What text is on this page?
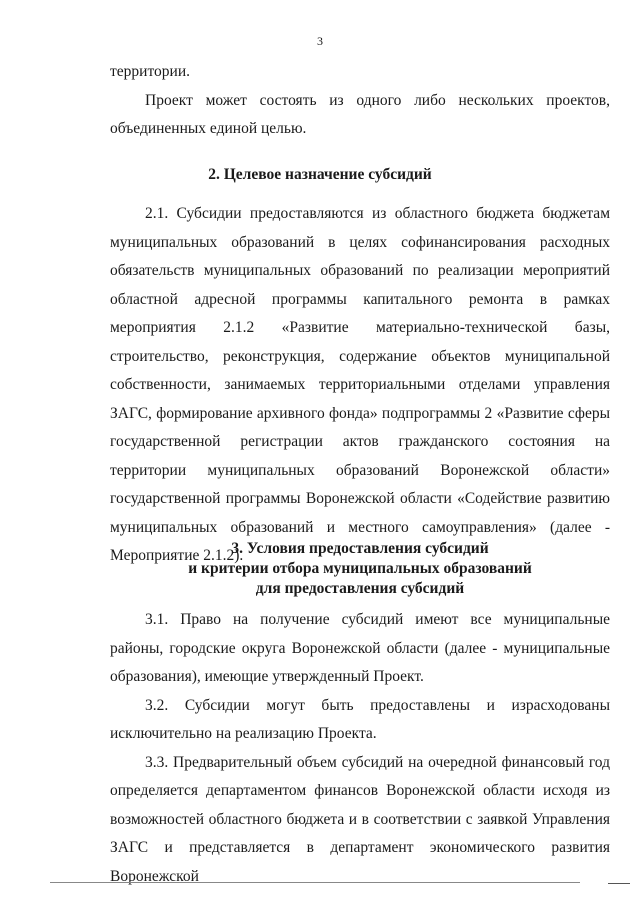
3

территории.

Проект может состоять из одного либо нескольких проектов, объединенных единой целью.

2. Целевое назначение субсидий

2.1. Субсидии предоставляются из областного бюджета бюджетам муниципальных образований в целях софинансирования расходных обязательств муниципальных образований по реализации мероприятий областной адресной программы капитального ремонта в рамках мероприятия 2.1.2 «Развитие материально-технической базы, строительство, реконструкция, содержание объектов муниципальной собственности, занимаемых территориальными отделами управления ЗАГС, формирование архивного фонда» подпрограммы 2 «Развитие сферы государственной регистрации актов гражданского состояния на территории муниципальных образований Воронежской области» государственной программы Воронежской области «Содействие развитию муниципальных образований и местного самоуправления» (далее - Мероприятие 2.1.2).

3. Условия предоставления субсидий
и критерии отбора муниципальных образований
для предоставления субсидий

3.1. Право на получение субсидий имеют все муниципальные районы, городские округа Воронежской области (далее - муниципальные образования), имеющие утвержденный Проект.

3.2. Субсидии могут быть предоставлены и израсходованы исключительно на реализацию Проекта.

3.3. Предварительный объем субсидий на очередной финансовый год определяется департаментом финансов Воронежской области исходя из возможностей областного бюджета и в соответствии с заявкой Управления ЗАГС и представляется в департамент экономического развития Воронежской
